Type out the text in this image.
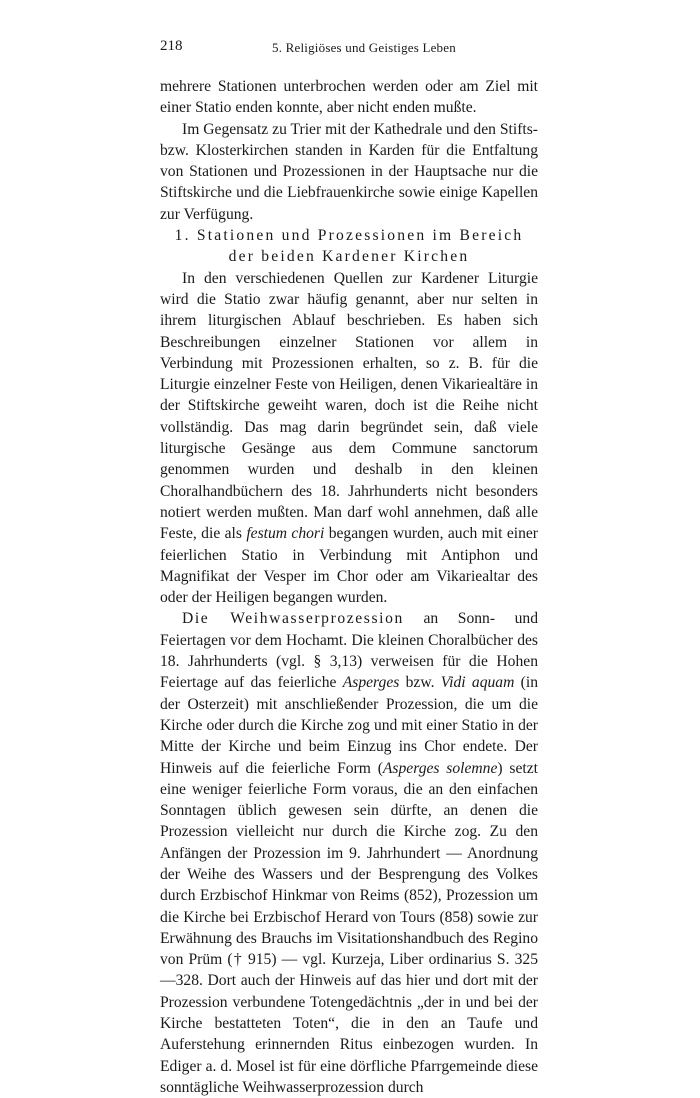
218	5. Religiöses und Geistiges Leben

mehrere Stationen unterbrochen werden oder am Ziel mit einer Statio enden konnte, aber nicht enden mußte.

Im Gegensatz zu Trier mit der Kathedrale und den Stifts- bzw. Klosterkirchen standen in Karden für die Entfaltung von Stationen und Prozessionen in der Hauptsache nur die Stiftskirche und die Liebfrauenkirche sowie einige Kapellen zur Verfügung.

1. Stationen und Prozessionen im Bereich der beiden Kardener Kirchen

In den verschiedenen Quellen zur Kardener Liturgie wird die Statio zwar häufig genannt, aber nur selten in ihrem liturgischen Ablauf beschrieben. Es haben sich Beschreibungen einzelner Stationen vor allem in Verbindung mit Prozessionen erhalten, so z. B. für die Liturgie einzelner Feste von Heiligen, denen Vikariealtäre in der Stiftskirche geweiht waren, doch ist die Reihe nicht vollständig. Das mag darin begründet sein, daß viele liturgische Gesänge aus dem Commune sanctorum genommen wurden und deshalb in den kleinen Choralhandbüchern des 18. Jahrhunderts nicht besonders notiert werden mußten. Man darf wohl annehmen, daß alle Feste, die als festum chori begangen wurden, auch mit einer feierlichen Statio in Verbindung mit Antiphon und Magnifikat der Vesper im Chor oder am Vikariealtar des oder der Heiligen begangen wurden.

Die Weihwasserprozession an Sonn- und Feiertagen vor dem Hochamt. Die kleinen Choralbücher des 18. Jahrhunderts (vgl. § 3,13) verweisen für die Hohen Feiertage auf das feierliche Asperges bzw. Vidi aquam (in der Osterzeit) mit anschließender Prozession, die um die Kirche oder durch die Kirche zog und mit einer Statio in der Mitte der Kirche und beim Einzug ins Chor endete. Der Hinweis auf die feierliche Form (Asperges solemne) setzt eine weniger feierliche Form voraus, die an den einfachen Sonntagen üblich gewesen sein dürfte, an denen die Prozession vielleicht nur durch die Kirche zog. Zu den Anfängen der Prozession im 9. Jahrhundert — Anordnung der Weihe des Wassers und der Besprengung des Volkes durch Erzbischof Hinkmar von Reims (852), Prozession um die Kirche bei Erzbischof Herard von Tours (858) sowie zur Erwähnung des Brauchs im Visitationshandbuch des Regino von Prüm († 915) — vgl. Kurzeja, Liber ordinarius S. 325—328. Dort auch der Hinweis auf das hier und dort mit der Prozession verbundene Totengedächtnis „der in und bei der Kirche bestatteten Toten“, die in den an Taufe und Auferstehung erinnernden Ritus einbezogen wurden. In Ediger a. d. Mosel ist für eine dörfliche Pfarrgemeinde diese sonntägliche Weihwasserprozession durch
